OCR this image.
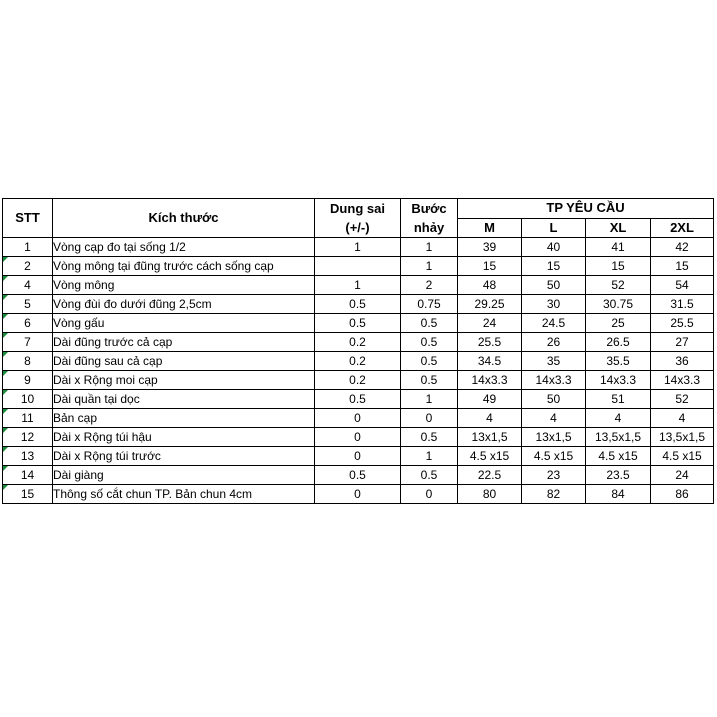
STT	Kích thước	Dung sai	Bước	TP YÊU CẦU			
		(+/-)	nhảy	M	L	XL	2XL
1	Vòng cạp đo tại sống 1/2	1	1	39	40	41	42

2	Vòng mông tại đũng trước cách sống cạp		1	15	15	15	15

4	Vòng mông	1	2	48	50	52	54

5	Vòng đùi đo dưới đũng 2,5cm	0.5	0.75	29.25	30	30.75	31.5

6	Vòng gấu	0.5	0.5	24	24.5	25	25.5

7	Dài đũng trước cả cạp	0.2	0.5	25.5	26	26.5	27

8	Dài đũng sau cả cạp	0.2	0.5	34.5	35	35.5	36

9	Dài x Rộng moi cạp	0.2	0.5	14x3.3	14x3.3	14x3.3	14x3.3

10	Dài quần tại dọc	0.5	1	49	50	51	52

11	Bản cạp	0	0	4	4	4	4

12	Dài x Rộng túi hậu	0	0.5	13x1,5	13x1,5	13,5x1,5	13,5x1,5

13	Dài x Rộng túi trước	0	1	4.5 x15	4.5 x15	4.5 x15	4.5 x15

14	Dài giàng	0.5	0.5	22.5	23	23.5	24

15	Thông số cắt chun TP. Bản chun 4cm	0	0	80	82	84	86
